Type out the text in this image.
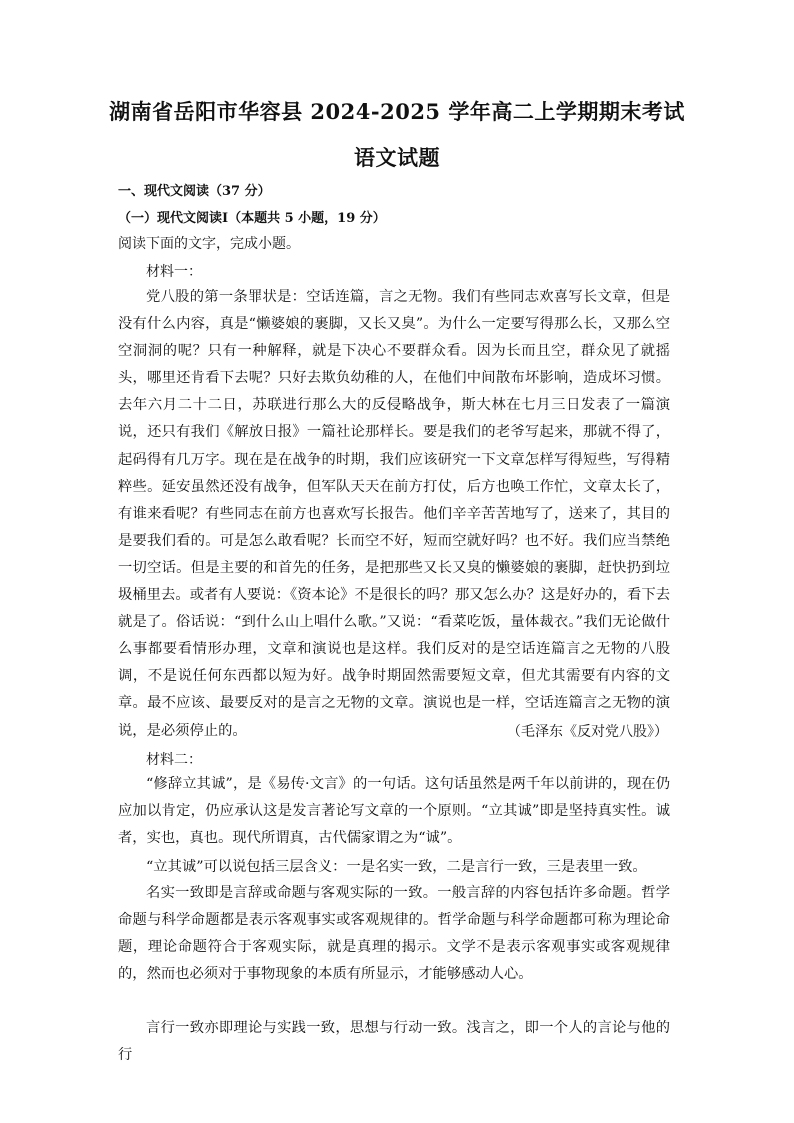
湖南省岳阳市华容县 2024-2025 学年高二上学期期末考试
语文试题
一、现代文阅读（37 分）
（一）现代文阅读Ⅰ（本题共 5 小题，19 分）
阅读下面的文字，完成小题。
材料一：

党八股的第一条罪状是：空话连篇，言之无物。我们有些同志欢喜写长文章，但是没有什么内容，真是“懒婆娘的裹脚，又长又臭”。为什么一定要写得那么长，又那么空空洞洞的呢？只有一种解释，就是下决心不要群众看。因为长而且空，群众见了就摇头，哪里还肯看下去呢？只好去欺负幼稚的人，在他们中间散布坏影响，造成坏习惯。去年六月二十二日，苏联进行那么大的反侵略战争，斯大林在七月三日发表了一篇演说，还只有我们《解放日报》一篇社论那样长。要是我们的老爷写起来，那就不得了，起码得有几万字。现在是在战争的时期，我们应该研究一下文章怎样写得短些，写得精粹些。延安虽然还没有战争，但军队天天在前方打仗，后方也唤工作忙，文章太长了，有谁来看呢？有些同志在前方也喜欢写长报告。他们辛辛苦苦地写了，送来了，其目的是要我们看的。可是怎么敢看呢？长而空不好，短而空就好吗？也不好。我们应当禁绝一切空话。但是主要的和首先的任务，是把那些又长又臭的懒婆娘的裹脚，赶快扔到垃圾桶里去。或者有人要说：《资本论》不是很长的吗？那又怎么办？这是好办的，看下去就是了。俗话说：“到什么山上唱什么歌。”又说：“看菜吃饭，量体裁衣。”我们无论做什么事都要看情形办理，文章和演说也是这样。我们反对的是空话连篇言之无物的八股调，不是说任何东西都以短为好。战争时期固然需要短文章，但尤其需要有内容的文章。最不应该、最要反对的是言之无物的文章。演说也是一样，空话连篇言之无物的演说，是必须停止的。	（毛泽东《反对党八股》）
材料二：

“修辞立其诚”，是《易传·文言》的一句话。这句话虽然是两千年以前讲的，现在仍应加以肯定，仍应承认这是发言著论写文章的一个原则。“立其诚”即是坚持真实性。诚者，实也，真也。现代所谓真，古代儒家谓之为“诚”。

“立其诚”可以说包括三层含义：一是名实一致，二是言行一致，三是表里一致。

名实一致即是言辞或命题与客观实际的一致。一般言辞的内容包括许多命题。哲学命题与科学命题都是表示客观事实或客观规律的。哲学命题与科学命题都可称为理论命题，理论命题符合于客观实际，就是真理的揭示。文学不是表示客观事实或客观规律的，然而也必须对于事物现象的本质有所显示，才能够感动人心。

言行一致亦即理论与实践一致，思想与行动一致。浅言之，即一个人的言论与他的行
